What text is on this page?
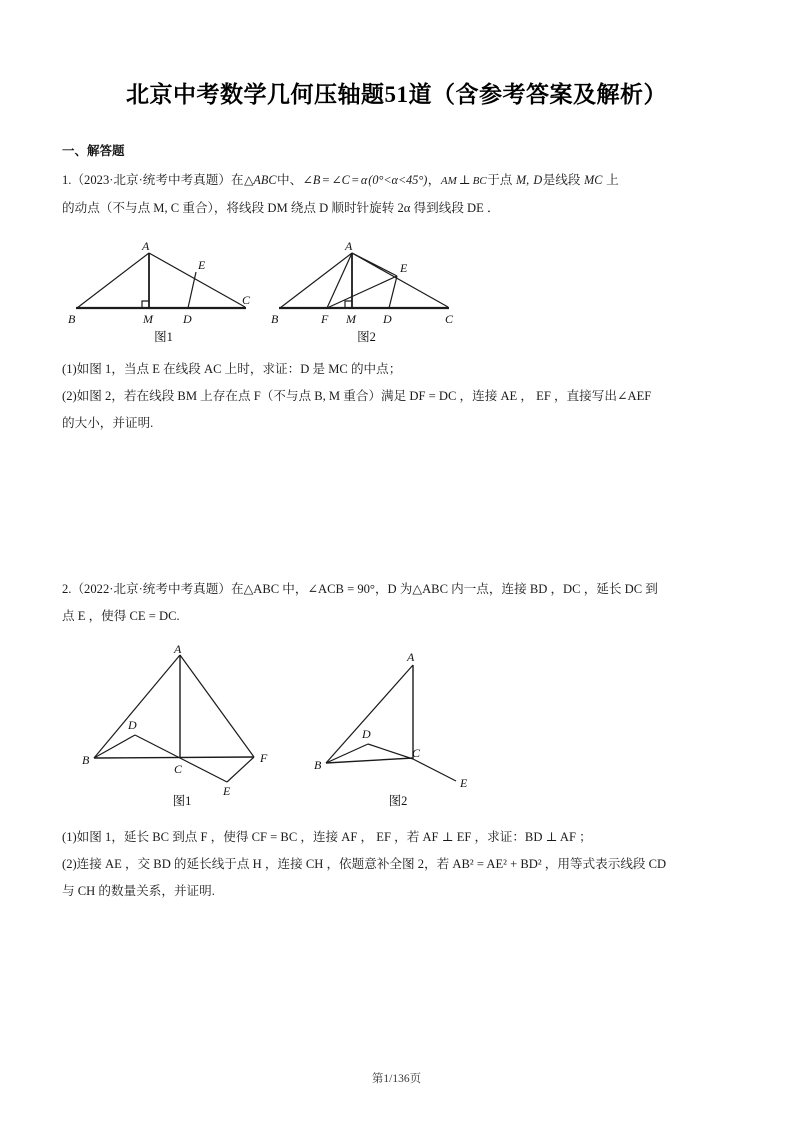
北京中考数学几何压轴题51道（含参考答案及解析）
一、解答题
1.（2023·北京·统考中考真题）在△ABC中、∠B = ∠C = α(0°<α<45°)，AM ⊥ BC于点 M, D是线段 MC 上
的动点（不与点 M, C 重合），将线段 DM 绕点 D 顺时针旋转 2α 得到线段 DE ．
A
B
C
M	D
E
图1
A
B	C
F M D
E
图2
(1)如图 1，当点 E 在线段 AC 上时，求证：D 是 MC 的中点；
(2)如图 2，若在线段 BM 上存在点 F（不与点 B, M 重合）满足 DF = DC ，连接 AE ， EF ，直接写出∠AEF
的大小，并证明.
2.（2022·北京·统考中考真题）在△ABC 中，∠ACB = 90°，D 为△ABC 内一点，连接 BD ，DC ，延长 DC 到
点 E ，使得 CE = DC.
A
B
C
D
E
F
图1
A
B
C
D
E
图2
(1)如图 1，延长 BC 到点 F ，使得 CF = BC ，连接 AF ， EF ，若 AF ⊥ EF ，求证：BD ⊥ AF ；
(2)连接 AE ，交 BD 的延长线于点 H ，连接 CH ，依题意补全图 2，若 AB² = AE² + BD² ，用等式表示线段 CD
与 CH 的数量关系，并证明.
第1/136页
